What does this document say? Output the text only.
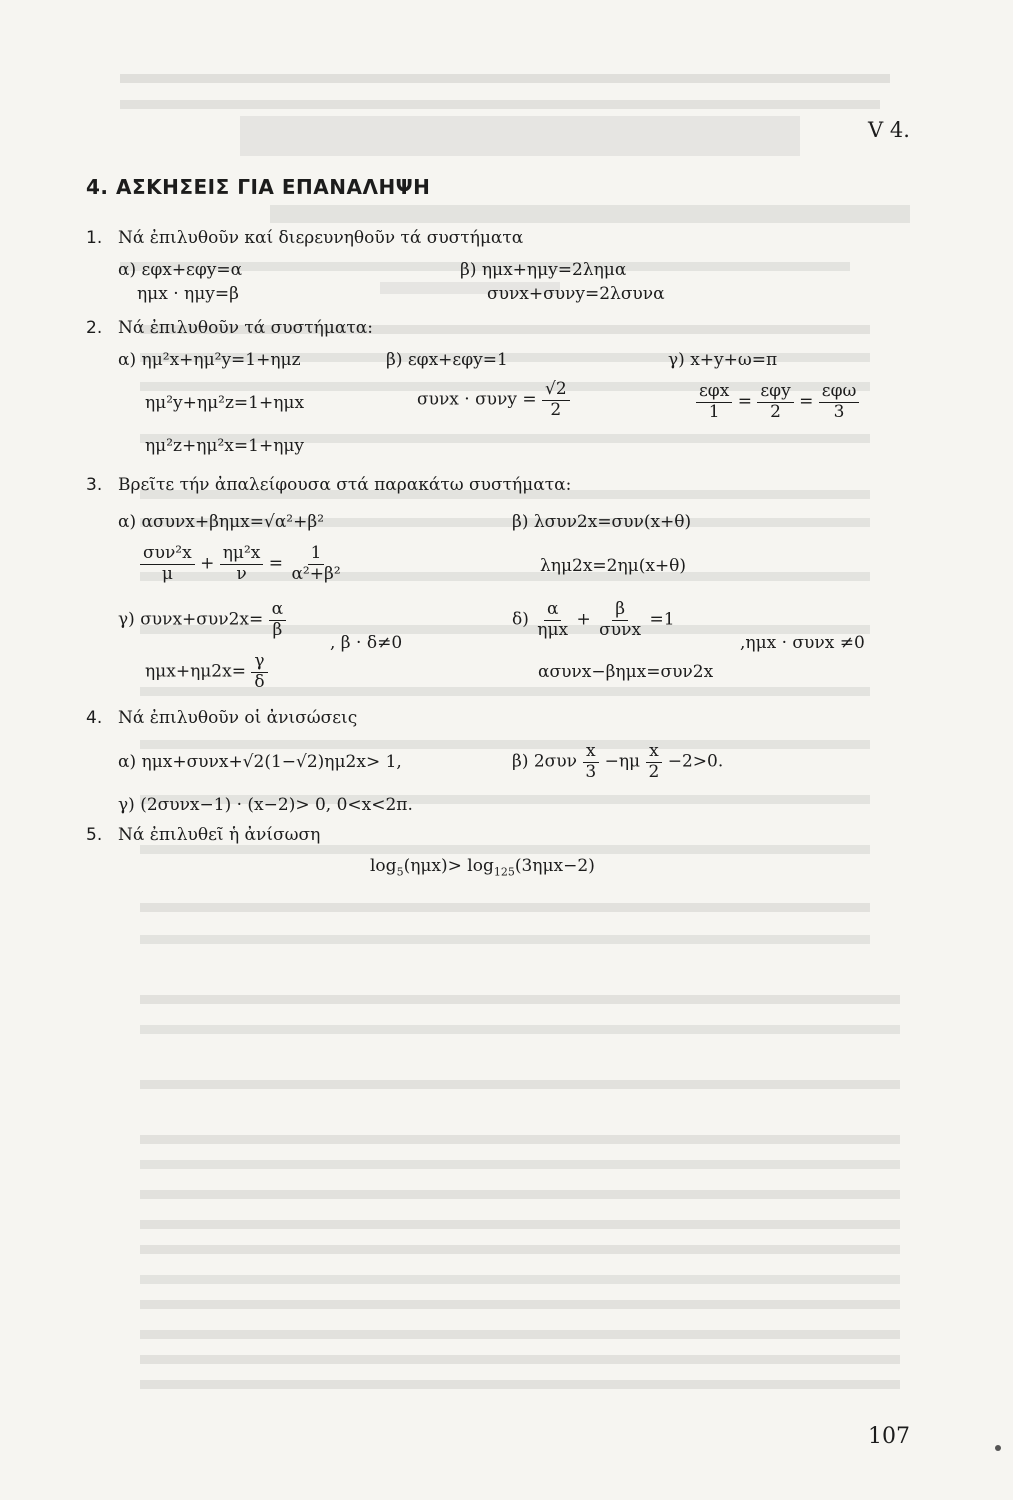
V 4.
4. ΑΣΚΗΣΕΙΣ ΓΙΑ ΕΠΑΝΑΛΗΨΗ
1. Νά ἐπιλυθοῦν καί διερευνηθοῦν τά συστήματα
α) εφx+εφy=α
ημx · ημy=β
β) ημx+ημy=2λημα
συνx+συνy=2λσυνα
2. Νά ἐπιλυθοῦν τά συστήματα:
α) ημ²x+ημ²y=1+ημz
ημ²y+ημ²z=1+ημx
ημ²z+ημ²x=1+ημy
β) εφx+εφy=1
$\sigma\upsilon\nu x \cdot \sigma\upsilon\nu y = \frac{√2}{2}$
γ) x+y+ω=π
$\frac{\text{εφx}}{1} = \frac{\text{εφy}}{2} = \frac{\text{εφω}}{3}$
3. Βρεῖτε τήν ἀπαλείφουσα στά παρακάτω συστήματα:
α) ασυνx+βημx=√α²+β²
$\frac{\text{συν²x}}{\mu} + \frac{\text{ημ²x}}{\nu} = \frac{1}{\text{α²+β²}}$
β) λσυν2x=συν(x+θ)
λημ2x=2ημ(x+θ)
γ) $\sigma\upsilon\nu x+\sigma\upsilon\nu 2x= \frac{\alpha}{\beta}$
, β · δ≠0
$\eta\mu x+\eta\mu 2x= \frac{\gamma}{\delta}$
$\delta) \frac{\alpha}{\text{ημx}} + \frac{\beta}{\text{συνx}} =1$
,ημx · συνx ≠0
ασυνx−βημx=συν2x
4. Νά ἐπιλυθοῦν οἱ ἀνισώσεις
α) ημx+συνx+√2(1−√2)ημ2x> 1,	β) $2\sigma\upsilon\nu \frac{x}{3} -\eta\mu \frac{x}{2} -2>0$.
γ) (2συνx−1) · (x−2)> 0, 0<x<2π.
5. Νά ἐπιλυθεῖ ἡ ἀνίσωση
$\log_5(\eta\mu x)> \log_{125}(3\eta\mu x-2)$
107
